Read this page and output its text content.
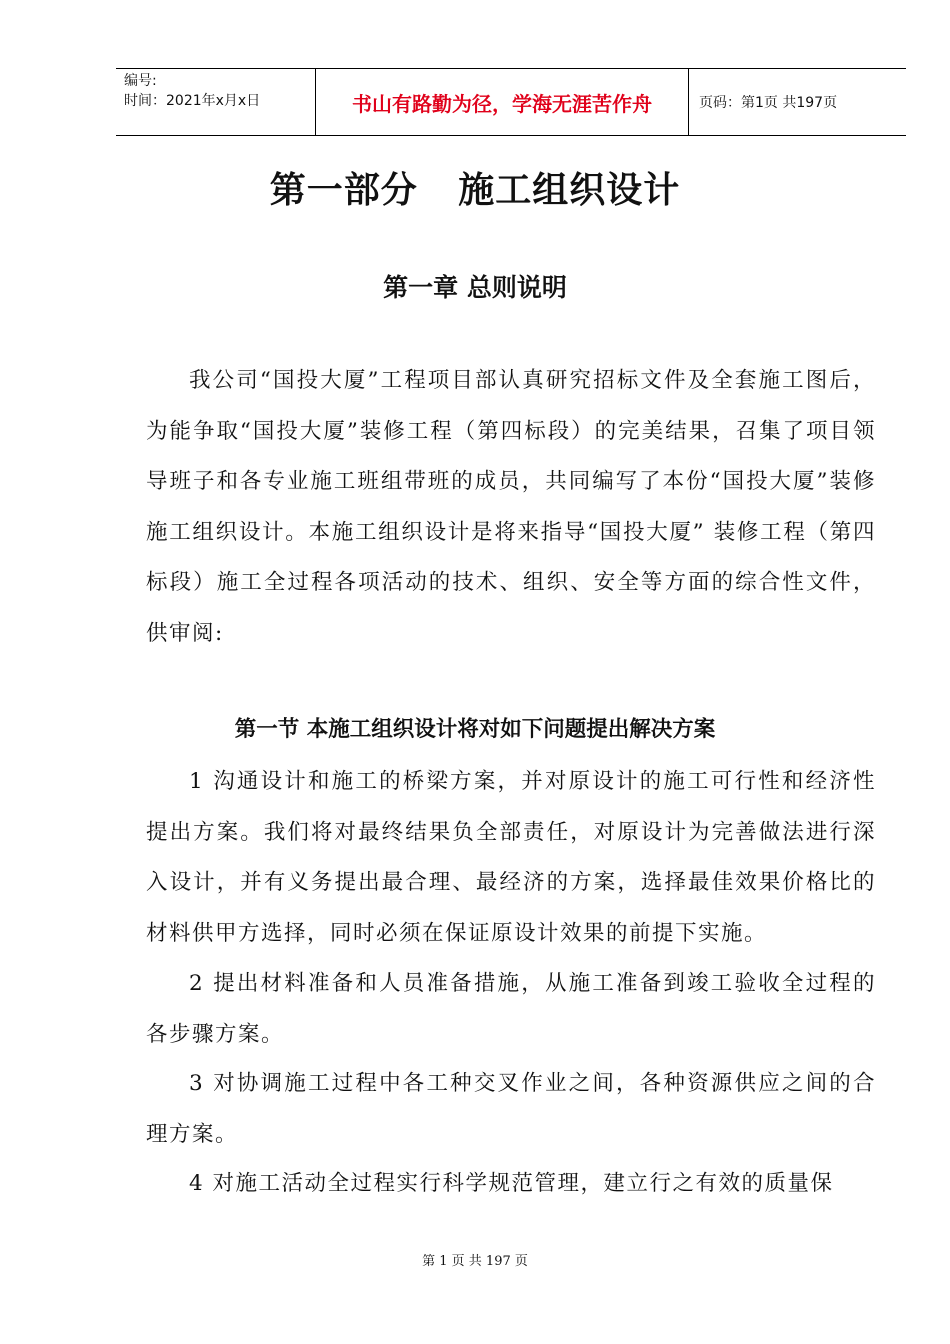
编号:
时间：2021年x月x日	书山有路勤为径，学海无涯苦作舟	页码：第1页 共197页
第一部分   施工组织设计
第一章 总则说明

我公司“国投大厦”工程项目部认真研究招标文件及全套施工图后，为能争取“国投大厦”装修工程（第四标段）的完美结果，召集了项目领导班子和各专业施工班组带班的成员，共同编写了本份“国投大厦”装修施工组织设计。本施工组织设计是将来指导“国投大厦” 装修工程（第四标段）施工全过程各项活动的技术、组织、安全等方面的综合性文件，供审阅:

第一节 本施工组织设计将对如下问题提出解决方案

1 沟通设计和施工的桥梁方案，并对原设计的施工可行性和经济性提出方案。我们将对最终结果负全部责任，对原设计为完善做法进行深入设计，并有义务提出最合理、最经济的方案，选择最佳效果价格比的材料供甲方选择，同时必须在保证原设计效果的前提下实施。

2 提出材料准备和人员准备措施，从施工准备到竣工验收全过程的各步骤方案。

3 对协调施工过程中各工种交叉作业之间，各种资源供应之间的合理方案。

4 对施工活动全过程实行科学规范管理，建立行之有效的质量保

第 1 页 共 197 页
